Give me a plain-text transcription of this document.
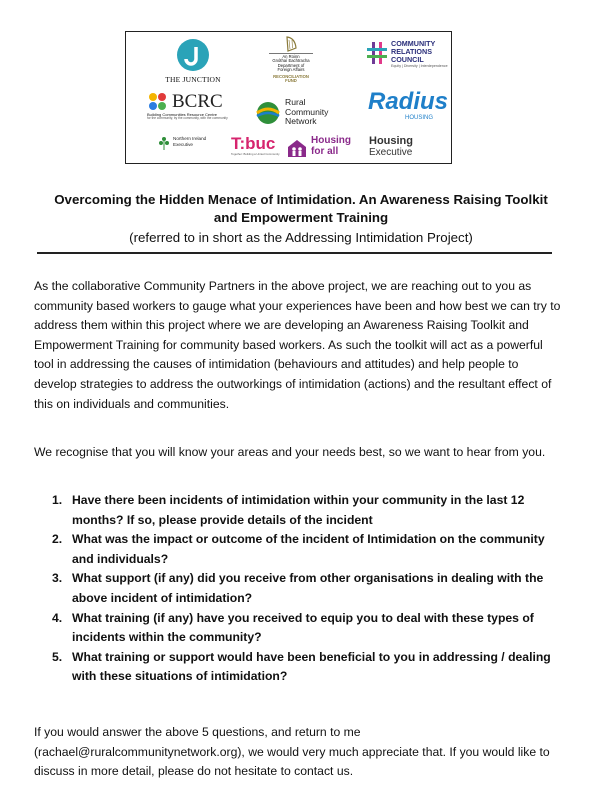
THE JUNCTION
An Roinn
Gnóthaí Eachtracha
Department of
Foreign Affairs
RECONCILIATION
FUND
COMMUNITY
RELATIONS
COUNCIL
Equity | Diversity | Interdependence
BCRC
Building Communities Resource Centre
for the community, by the community, with the community
Rural
Community
Network
Radius
HOUSING
Northern Ireland
Executive	T:buc
Together: Building a United Community
Housing
for all
Housing
Executive
Overcoming the Hidden Menace of Intimidation. An Awareness Raising Toolkit
and Empowerment Training
(referred to in short as the Addressing Intimidation Project)

As the collaborative Community Partners in the above project, we are reaching out to you as community based workers to gauge what your experiences have been and how best we can try to address them within this project where we are developing an Awareness Raising Toolkit and Empowerment Training for community based workers. As such the toolkit will act as a powerful tool in addressing the causes of intimidation (behaviours and attitudes) and help people to develop strategies to address the outworkings of intimidation (actions) and the resultant effect of this on individuals and communities.

We recognise that you will know your areas and your needs best, so we want to hear from you.

1. Have there been incidents of intimidation within your community in the last 12 months? If so, please provide details of the incident
2. What was the impact or outcome of the incident of Intimidation on the community and individuals?
3. What support (if any) did you receive from other organisations in dealing with the above incident of intimidation?
4. What training (if any) have you received to equip you to deal with these types of incidents within the community?
5. What training or support would have been beneficial to you in addressing / dealing with these situations of intimidation?

If you would answer the above 5 questions, and return to me (rachael@ruralcommunitynetwork.org), we would very much appreciate that. If you would like to discuss in more detail, please do not hesitate to contact us.
